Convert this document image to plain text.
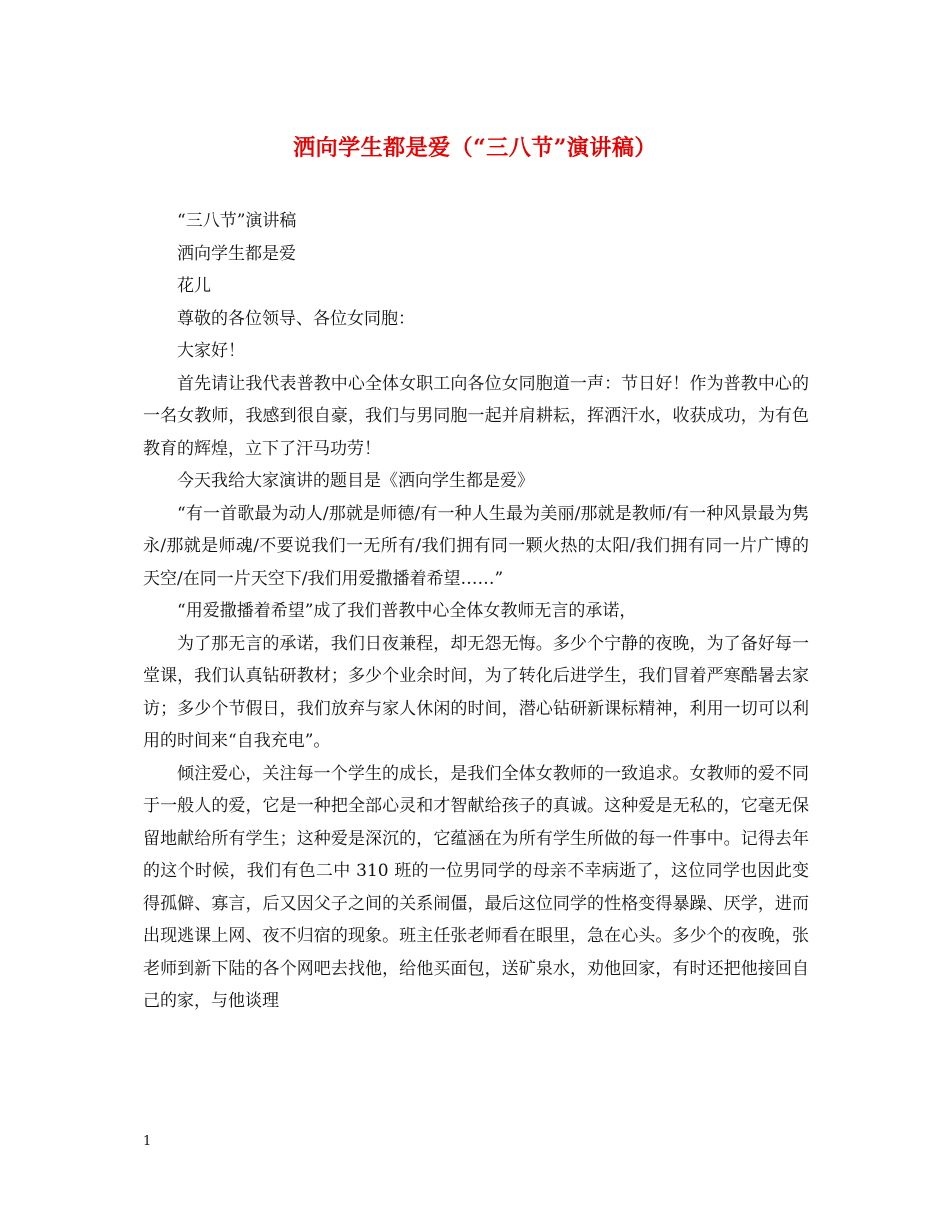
洒向学生都是爱（“三八节”演讲稿）

“三八节”演讲稿

洒向学生都是爱

花儿

尊敬的各位领导、各位女同胞：

大家好！

首先请让我代表普教中心全体女职工向各位女同胞道一声：节日好！作为普教中心的一名女教师，我感到很自豪，我们与男同胞一起并肩耕耘，挥洒汗水，收获成功，为有色教育的辉煌，立下了汗马功劳！

今天我给大家演讲的题目是《洒向学生都是爱》

“有一首歌最为动人/那就是师德/有一种人生最为美丽/那就是教师/有一种风景最为隽永/那就是师魂/不要说我们一无所有/我们拥有同一颗火热的太阳/我们拥有同一片广博的天空/在同一片天空下/我们用爱撒播着希望……”

“用爱撒播着希望”成了我们普教中心全体女教师无言的承诺，

为了那无言的承诺，我们日夜兼程，却无怨无悔。多少个宁静的夜晚，为了备好每一堂课，我们认真钻研教材；多少个业余时间，为了转化后进学生，我们冒着严寒酷暑去家访；多少个节假日，我们放弃与家人休闲的时间，潜心钻研新课标精神，利用一切可以利用的时间来“自我充电”。

倾注爱心，关注每一个学生的成长，是我们全体女教师的一致追求。女教师的爱不同于一般人的爱，它是一种把全部心灵和才智献给孩子的真诚。这种爱是无私的，它毫无保留地献给所有学生；这种爱是深沉的，它蕴涵在为所有学生所做的每一件事中。记得去年的这个时候，我们有色二中 310 班的一位男同学的母亲不幸病逝了，这位同学也因此变得孤僻、寡言，后又因父子之间的关系闹僵，最后这位同学的性格变得暴躁、厌学，进而出现逃课上网、夜不归宿的现象。班主任张老师看在眼里，急在心头。多少个的夜晚，张老师到新下陆的各个网吧去找他，给他买面包，送矿泉水，劝他回家，有时还把他接回自己的家，与他谈理

1
